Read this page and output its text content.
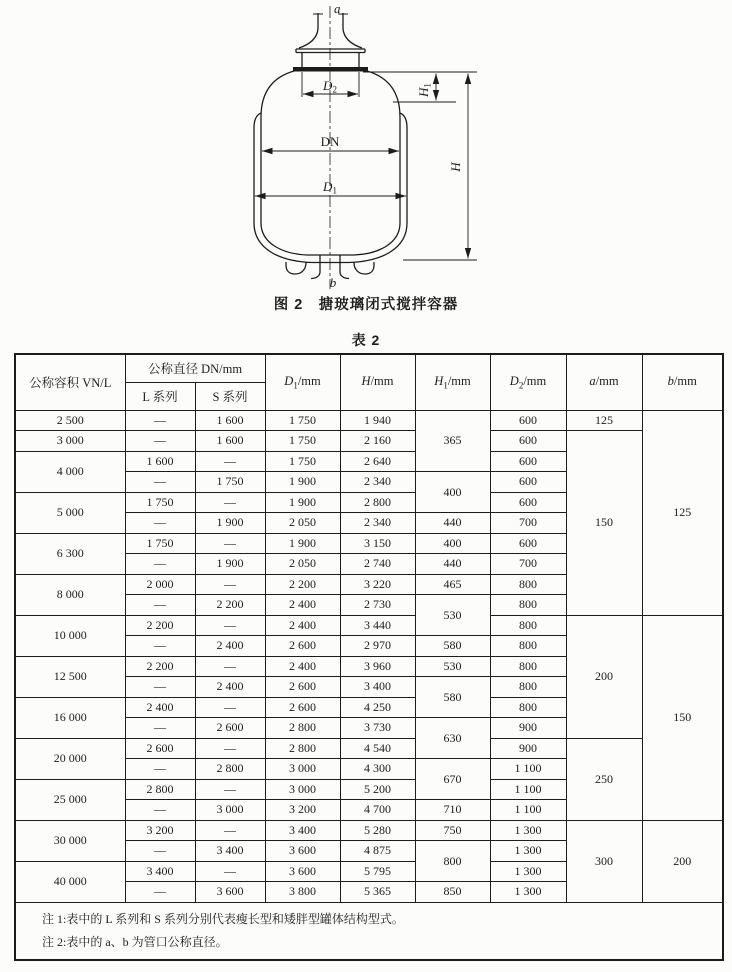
a
D2
DN
D1
H1
H
b
图 2　搪玻璃闭式搅拌容器
表 2
公称容积 VN/L	公称直径 DN/mm		$D_1/mm$	H/mm	$H_1/mm$	$D_2/mm$	a/mm	b/mm
	L 系列	S 系列						
2 500	—	1 600	1 750	1 940	365	600	125	125
3 000	—	1 600	1 750	2 160		600	150	
4 000	1 600	—	1 750	2 640		600		
	—	1 750	1 900	2 340	400	600		
5 000	1 750	—	1 900	2 800		600		
	—	1 900	2 050	2 340	440	700		
6 300	1 750	—	1 900	3 150	400	600		
	—	1 900	2 050	2 740	440	700		
8 000	2 000	—	2 200	3 220	465	800		
	—	2 200	2 400	2 730	530	800		
10 000	2 200	—	2 400	3 440		800	200	150
	—	2 400	2 600	2 970	580	800		
12 500	2 200	—	2 400	3 960	530	800		
	—	2 400	2 600	3 400	580	800		
16 000	2 400	—	2 600	4 250		800		
	—	2 600	2 800	3 730	630	900		
20 000	2 600	—	2 800	4 540		900	250	
	—	2 800	3 000	4 300	670	1 100		
25 000	2 800	—	3 000	5 200		1 100		
	—	3 000	3 200	4 700	710	1 100		
30 000	3 200	—	3 400	5 280	750	1 300	300	200
	—	3 400	3 600	4 875	800	1 300		
40 000	3 400	—	3 600	5 795		1 300		
	—	3 600	3 800	5 365	850	1 300		

注 1:表中的 L 系列和 S 系列分别代表瘦长型和矮胖型罐体结构型式。
注 2:表中的 a、b 为管口公称直径。								
